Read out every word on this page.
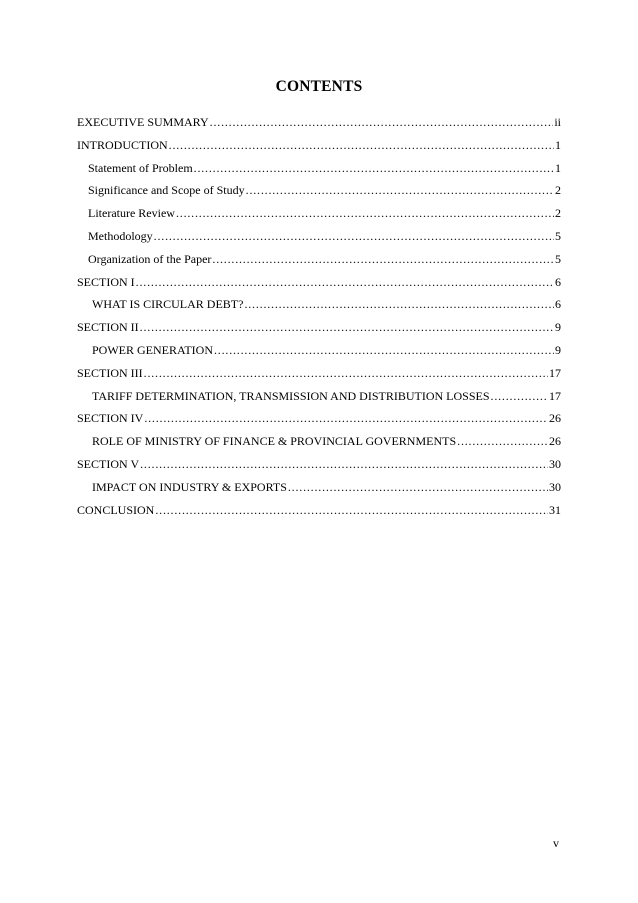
CONTENTS
EXECUTIVE SUMMARY .....	ii
INTRODUCTION .....	1
Statement of Problem .....	1
Significance and Scope of Study .....	2
Literature Review .....	2
Methodology .....	5
Organization of the Paper .....	5
SECTION I .....	6
WHAT IS CIRCULAR DEBT? .....	6
SECTION II .....	9
POWER GENERATION .....	9
SECTION III .....	17
TARIFF DETERMINATION, TRANSMISSION AND DISTRIBUTION LOSSES .....	17
SECTION IV .....	26
ROLE OF MINISTRY OF FINANCE & PROVINCIAL GOVERNMENTS .....	26
SECTION V .....	30
IMPACT ON INDUSTRY & EXPORTS .....	30
CONCLUSION .....	31
v
